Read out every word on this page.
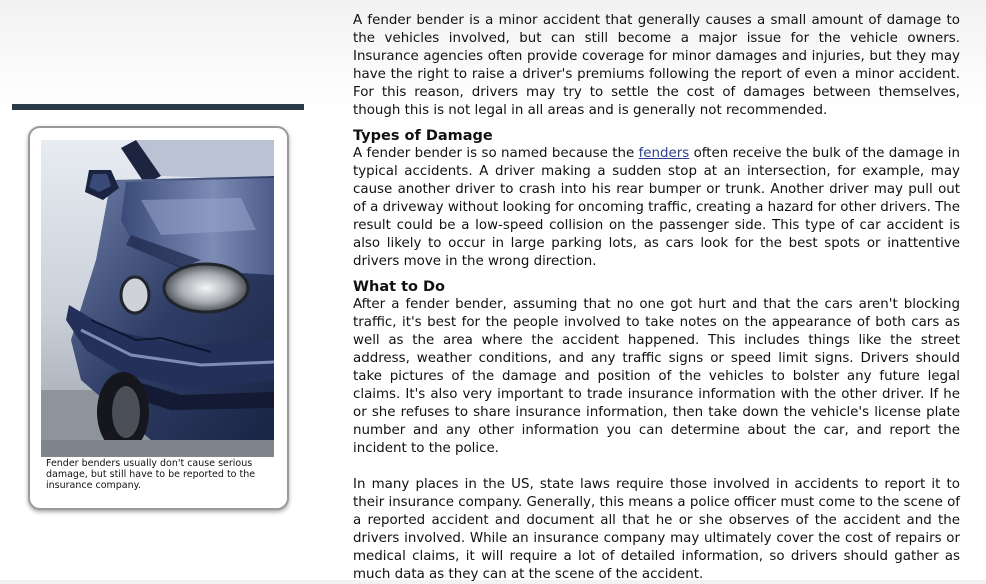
Fender benders usually don't cause serious damage, but still have to be reported to the insurance company.

A fender bender is a minor accident that generally causes a small amount of damage to the vehicles involved, but can still become a major issue for the vehicle owners. Insurance agencies often provide coverage for minor damages and injuries, but they may have the right to raise a driver's premiums following the report of even a minor accident. For this reason, drivers may try to settle the cost of damages between themselves, though this is not legal in all areas and is generally not recommended.

Types of Damage

A fender bender is so named because the fenders often receive the bulk of the damage in typical accidents. A driver making a sudden stop at an intersection, for example, may cause another driver to crash into his rear bumper or trunk. Another driver may pull out of a driveway without looking for oncoming traffic, creating a hazard for other drivers. The result could be a low-speed collision on the passenger side. This type of car accident is also likely to occur in large parking lots, as cars look for the best spots or inattentive drivers move in the wrong direction.

What to Do

After a fender bender, assuming that no one got hurt and that the cars aren't blocking traffic, it's best for the people involved to take notes on the appearance of both cars as well as the area where the accident happened. This includes things like the street address, weather conditions, and any traffic signs or speed limit signs. Drivers should take pictures of the damage and position of the vehicles to bolster any future legal claims. It's also very important to trade insurance information with the other driver. If he or she refuses to share insurance information, then take down the vehicle's license plate number and any other information you can determine about the car, and report the incident to the police.

In many places in the US, state laws require those involved in accidents to report it to their insurance company. Generally, this means a police officer must come to the scene of a reported accident and document all that he or she observes of the accident and the drivers involved. While an insurance company may ultimately cover the cost of repairs or medical claims, it will require a lot of detailed information, so drivers should gather as much data as they can at the scene of the accident.
